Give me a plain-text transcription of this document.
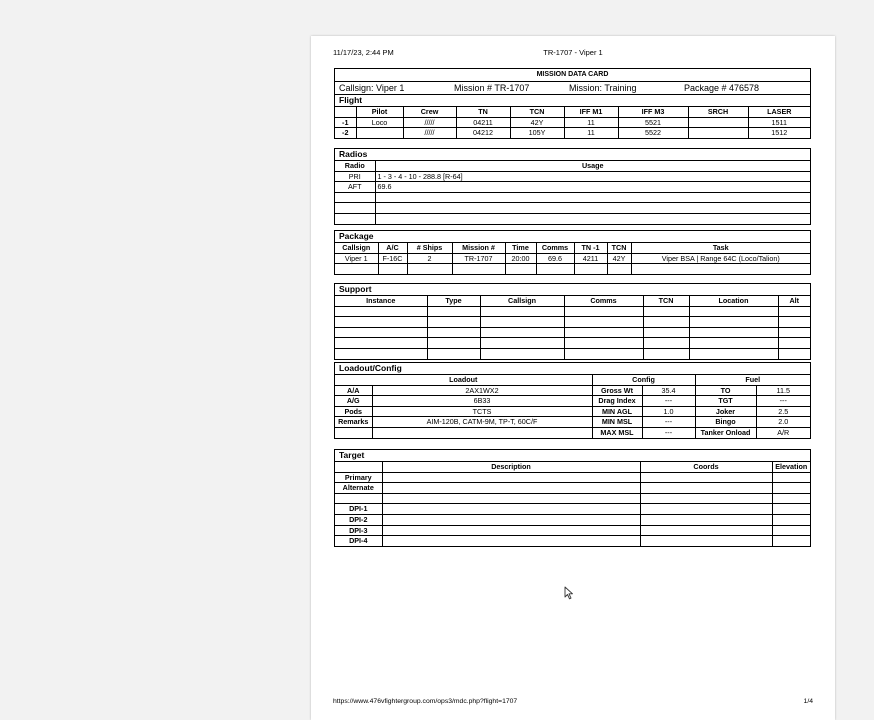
11/17/23, 2:44 PM	TR-1707 - Viper 1
MISSION DATA CARD
Callsign: Viper 1	Mission # TR-1707	Mission: Training	Package # 476578
Flight
	Pilot	Crew	TN	TCN	IFF M1	IFF M3	SRCH	LASER
-1	Loco	/////	04211	42Y	11	5521		1511
-2		/////	04212	105Y	11	5522		1512
Radios
Radio	Usage
PRI	1 - 3 - 4 - 10 - 288.8 [R-64]
AFT	69.6

Package
Callsign	A/C	# Ships	Mission #	Time	Comms	TN -1	TCN	Task
Viper 1	F-16C	2	TR-1707	20:00	69.6	4211	42Y	Viper BSA | Range 64C (Loco/Talion)

Support
Instance	Type	Callsign	Comms	TCN	Location	Alt

Loadout/Config
Loadout		Config		Fuel	
A/A	2AX1WX2	Gross Wt	35.4	TO	11.5
A/G	6B33	Drag Index	---	TGT	---
Pods	TCTS	MIN AGL	1.0	Joker	2.5
Remarks	AIM-120B, CATM-9M, TP-T, 60C/F	MIN MSL	---	Bingo	2.0
		MAX MSL	---	Tanker Onload	A/R
Target
	Description	Coords	Elevation
Primary			
Alternate			

DPI-1			
DPI-2			
DPI-3			
DPI-4			
https://www.476vfightergroup.com/ops3/mdc.php?flight=1707	1/4
